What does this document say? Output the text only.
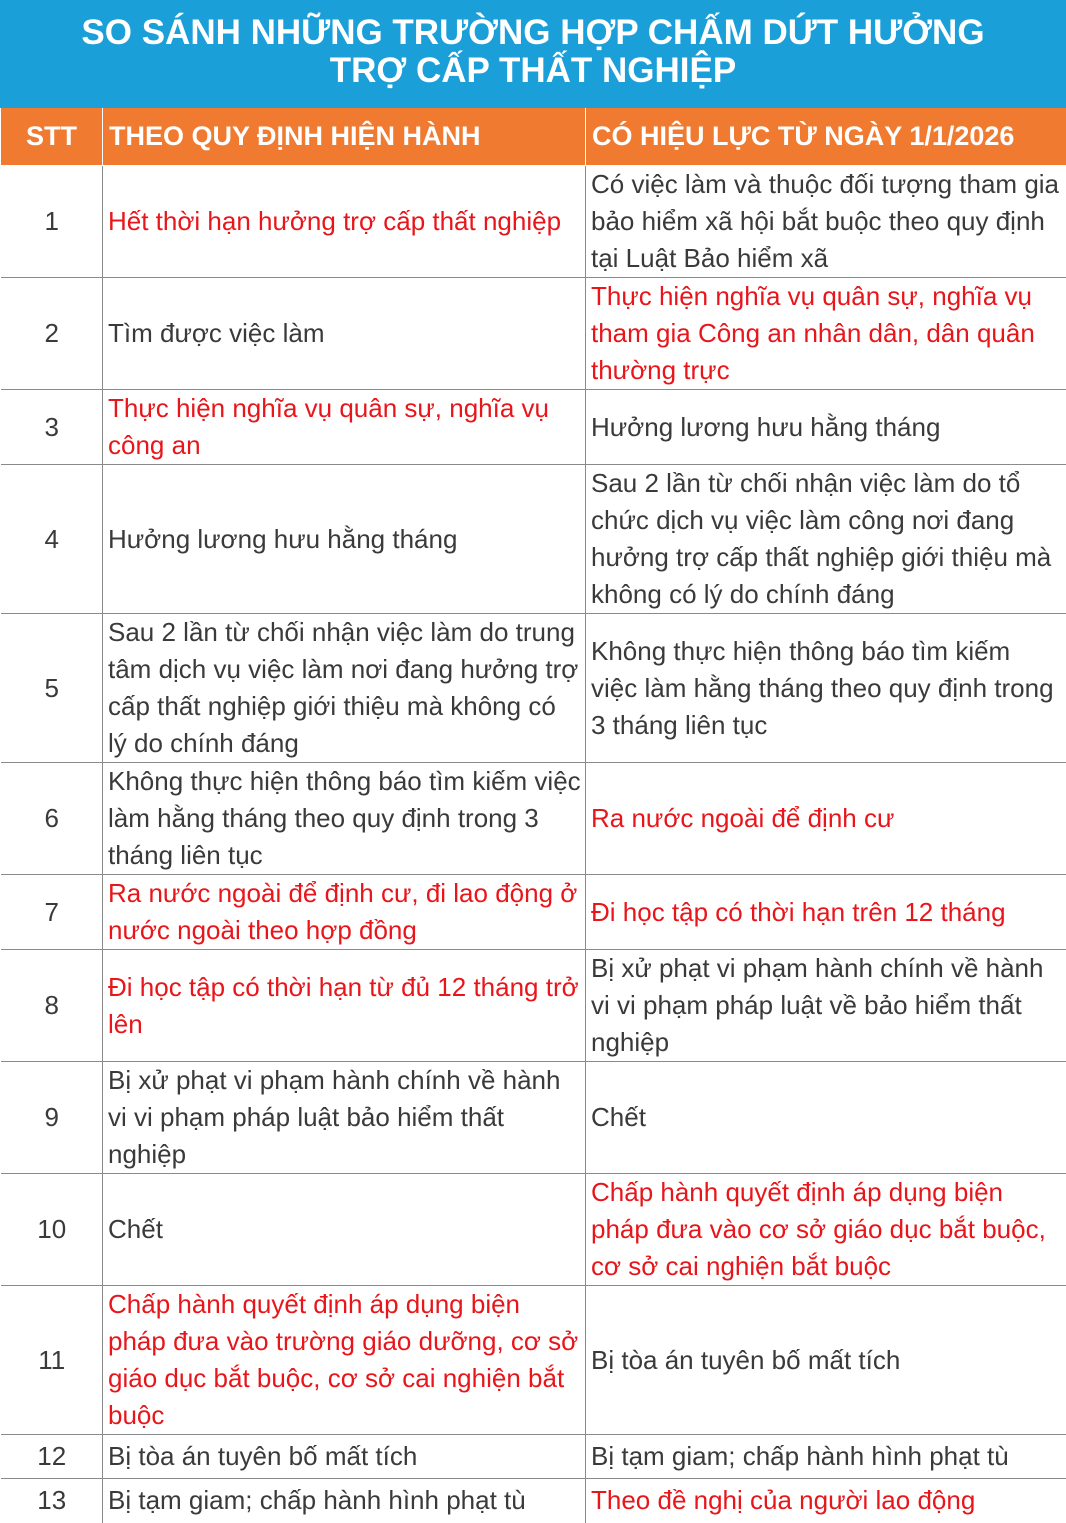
SO SÁNH NHỮNG TRƯỜNG HỢP CHẤM DỨT HƯỞNG
TRỢ CẤP THẤT NGHIỆP
STT	THEO QUY ĐỊNH HIỆN HÀNH	CÓ HIỆU LỰC TỪ NGÀY 1/1/2026
1	Hết thời hạn hưởng trợ cấp thất nghiệp	Có việc làm và thuộc đối tượng tham gia bảo hiểm xã hội bắt buộc theo quy định tại Luật Bảo hiểm xã
2	Tìm được việc làm	Thực hiện nghĩa vụ quân sự, nghĩa vụ tham gia Công an nhân dân, dân quân thường trực
3	Thực hiện nghĩa vụ quân sự, nghĩa vụ công an	Hưởng lương hưu hằng tháng
4	Hưởng lương hưu hằng tháng	Sau 2 lần từ chối nhận việc làm do tổ chức dịch vụ việc làm công nơi đang hưởng trợ cấp thất nghiệp giới thiệu mà không có lý do chính đáng
5	Sau 2 lần từ chối nhận việc làm do trung tâm dịch vụ việc làm nơi đang hưởng trợ cấp thất nghiệp giới thiệu mà không có lý do chính đáng	Không thực hiện thông báo tìm kiếm việc làm hằng tháng theo quy định trong 3 tháng liên tục
6	Không thực hiện thông báo tìm kiếm việc làm hằng tháng theo quy định trong 3 tháng liên tục	Ra nước ngoài để định cư
7	Ra nước ngoài để định cư, đi lao động ở nước ngoài theo hợp đồng	Đi học tập có thời hạn trên 12 tháng
8	Đi học tập có thời hạn từ đủ 12 tháng trở lên	Bị xử phạt vi phạm hành chính về hành vi vi phạm pháp luật về bảo hiểm thất nghiệp
9	Bị xử phạt vi phạm hành chính về hành vi vi phạm pháp luật bảo hiểm thất nghiệp	Chết
10	Chết	Chấp hành quyết định áp dụng biện pháp đưa vào cơ sở giáo dục bắt buộc, cơ sở cai nghiện bắt buộc
11	Chấp hành quyết định áp dụng biện pháp đưa vào trường giáo dưỡng, cơ sở giáo dục bắt buộc, cơ sở cai nghiện bắt buộc	Bị tòa án tuyên bố mất tích
12	Bị tòa án tuyên bố mất tích	Bị tạm giam; chấp hành hình phạt tù
13	Bị tạm giam; chấp hành hình phạt tù	Theo đề nghị của người lao động
